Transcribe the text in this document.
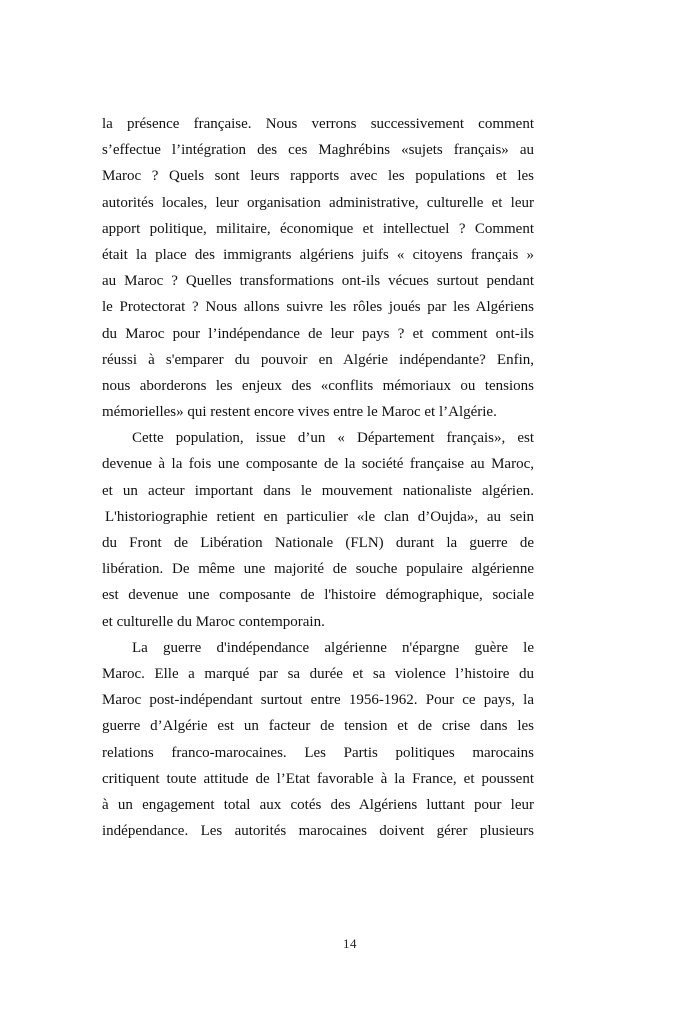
la présence française. Nous verrons successivement comment
s’effectue l’intégration des ces Maghrébins «sujets français» au
Maroc ? Quels sont leurs rapports avec les populations et les
autorités locales, leur organisation administrative, culturelle et leur
apport politique, militaire, économique et intellectuel ? Comment
était la place des immigrants algériens juifs « citoyens français »
au Maroc ? Quelles transformations ont-ils vécues surtout pendant
le Protectorat ? Nous allons suivre les rôles joués par les Algériens
du Maroc pour l’indépendance de leur pays ? et comment ont-ils
réussi à s'emparer du pouvoir en Algérie indépendante? Enfin,
nous aborderons les enjeux des «conflits mémoriaux ou tensions
mémorielles» qui restent encore vives entre le Maroc et l’Algérie.
Cette population, issue d’un « Département français», est
devenue à la fois une composante de la société française au Maroc,
et un acteur important dans le mouvement nationaliste algérien.
L'historiographie retient en particulier «le clan d’Oujda», au sein
du Front de Libération Nationale (FLN) durant la guerre de
libération. De même une majorité de souche populaire algérienne
est devenue une composante de l'histoire démographique, sociale
et culturelle du Maroc contemporain.
La guerre d'indépendance algérienne n'épargne guère le
Maroc. Elle a marqué par sa durée et sa violence l’histoire du
Maroc post-indépendant surtout entre 1956-1962. Pour ce pays, la
guerre d’Algérie est un facteur de tension et de crise dans les
relations franco-marocaines. Les Partis politiques marocains
critiquent toute attitude de l’Etat favorable à la France, et poussent
à un engagement total aux cotés des Algériens luttant pour leur
indépendance. Les autorités marocaines doivent gérer plusieurs
14
